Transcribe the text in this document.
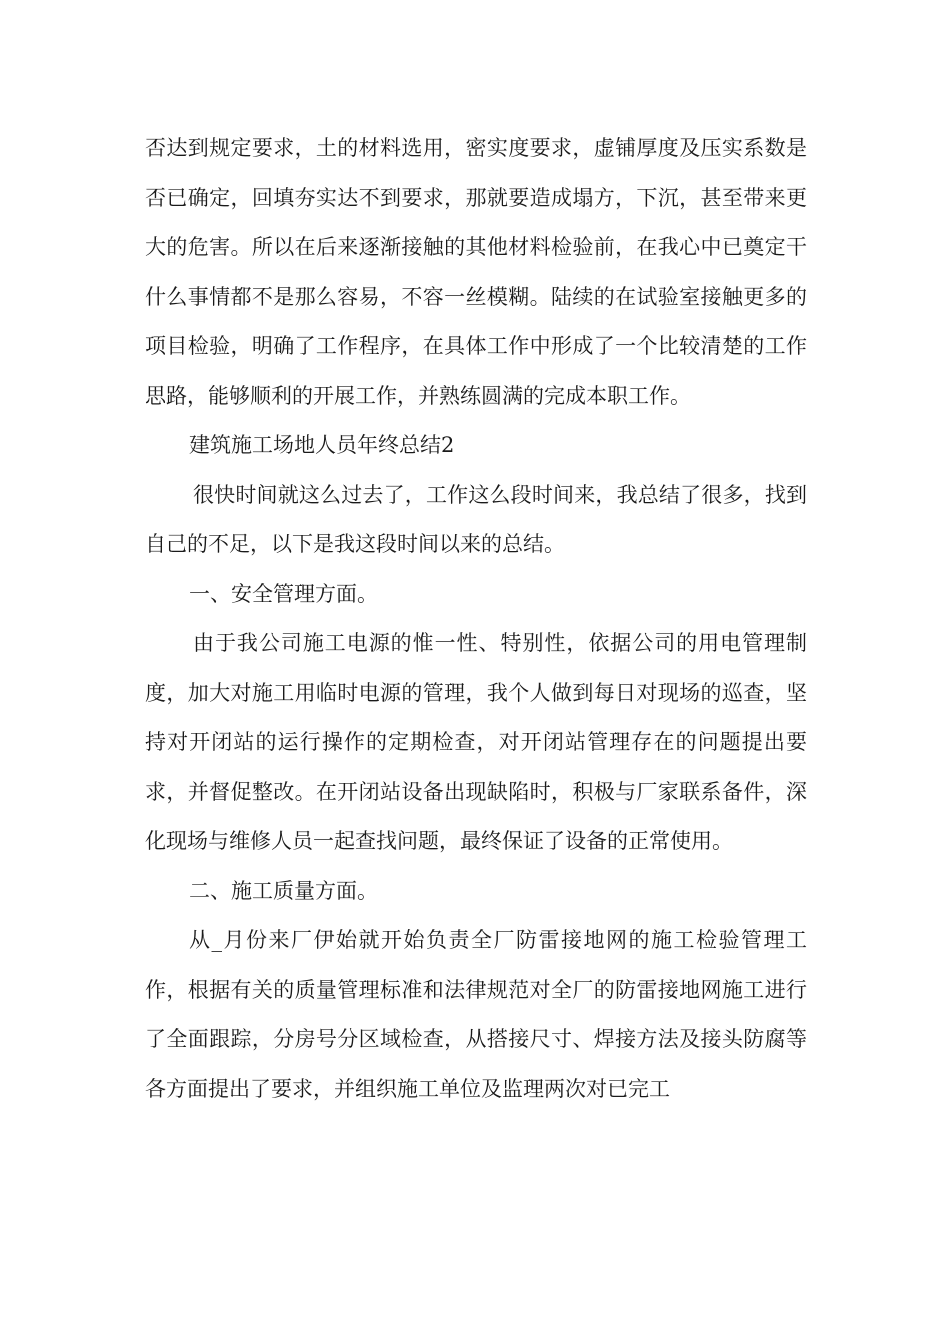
否达到规定要求，土的材料选用，密实度要求，虚铺厚度及压实系数是否已确定，回填夯实达不到要求，那就要造成塌方，下沉，甚至带来更大的危害。所以在后来逐渐接触的其他材料检验前，在我心中已奠定干什么事情都不是那么容易，不容一丝模糊。陆续的在试验室接触更多的项目检验，明确了工作程序，在具体工作中形成了一个比较清楚的工作思路，能够顺利的开展工作，并熟练圆满的完成本职工作。

建筑施工场地人员年终总结2

很快时间就这么过去了，工作这么段时间来，我总结了很多，找到自己的不足，以下是我这段时间以来的总结。

一、安全管理方面。

由于我公司施工电源的惟一性、特别性，依据公司的用电管理制度，加大对施工用临时电源的管理，我个人做到每日对现场的巡查，坚持对开闭站的运行操作的定期检查，对开闭站管理存在的问题提出要求，并督促整改。在开闭站设备出现缺陷时，积极与厂家联系备件，深化现场与维修人员一起查找问题，最终保证了设备的正常使用。

二、施工质量方面。

从_月份来厂伊始就开始负责全厂防雷接地网的施工检验管理工作，根据有关的质量管理标准和法律规范对全厂的防雷接地网施工进行了全面跟踪，分房号分区域检查，从搭接尺寸、焊接方法及接头防腐等各方面提出了要求，并组织施工单位及监理两次对已完工
